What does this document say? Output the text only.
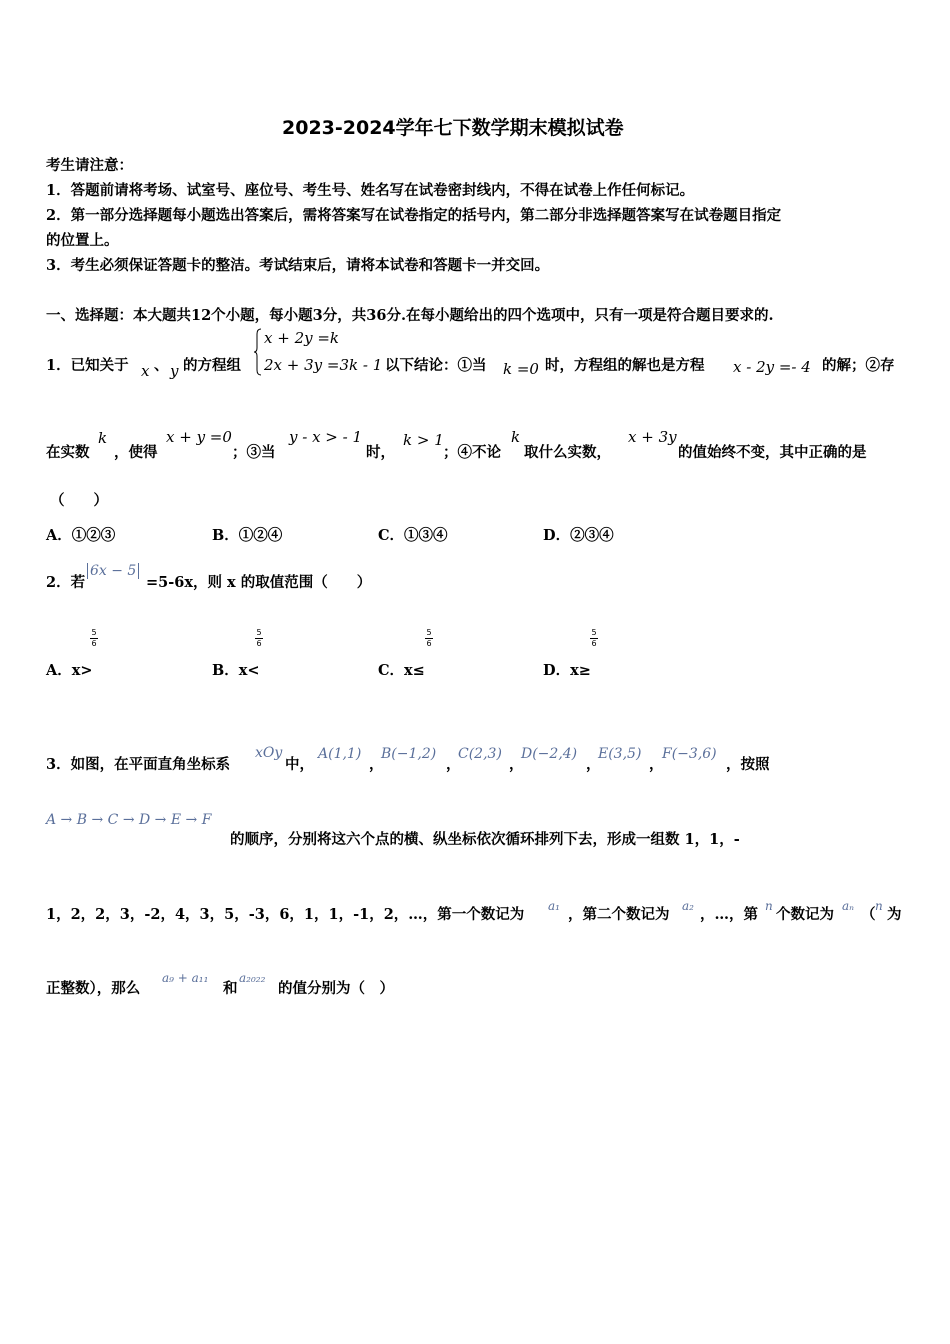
2023-2024学年七下数学期末模拟试卷
考生请注意：
1．答题前请将考场、试室号、座位号、考生号、姓名写在试卷密封线内，不得在试卷上作任何标记。
2．第一部分选择题每小题选出答案后，需将答案写在试卷指定的括号内，第二部分非选择题答案写在试卷题目指定
的位置上。
3．考生必须保证答题卡的整洁。考试结束后，请将本试卷和答题卡一并交回。
一、选择题：本大题共12个小题，每小题3分，共36分.在每小题给出的四个选项中，只有一项是符合题目要求的.
1．已知关于 x 、 y 的方程组
x + 2y =k
2x + 3y =3k - 1 以下结论：①当 k =0 时，方程组的解也是方程 x - 2y =- 4 的解；②存
在实数
k
，使得
x + y =0
；③当
y - x > - 1
时，
k > 1
；④不论
k
取什么实数，
x + 3y
的值始终不变，其中正确的是
（　　）
A．①②③	B．①②④	C．①③④	D．②③④
2．若
6x − 5
=5-6x，则 x 的取值范围（　　）
A．x>
5
6
B．x<
5
6
C．x≤
5
6
D．x≥
5
6
3．如图，在平面直角坐标系
xOy
中，
A(1,1)
，
B(−1,2)
，
C(2,3)
，
D(−2,4)
，
E(3,5)
，
F(−3,6)
，按照
A → B → C → D → E → F
的顺序，分别将这六个点的横、纵坐标依次循环排列下去，形成一组数 1，1，-
1，2，2，3，-2，4，3，5，-3，6，1，1，-1，2，…，第一个数记为 a₁ ，第二个数记为 a₂ ，…，第 n 个数记为 aₙ （ n 为
正整数），那么
a₉ + a₁₁
和
a₂₀₂₂
的值分别为（　）
